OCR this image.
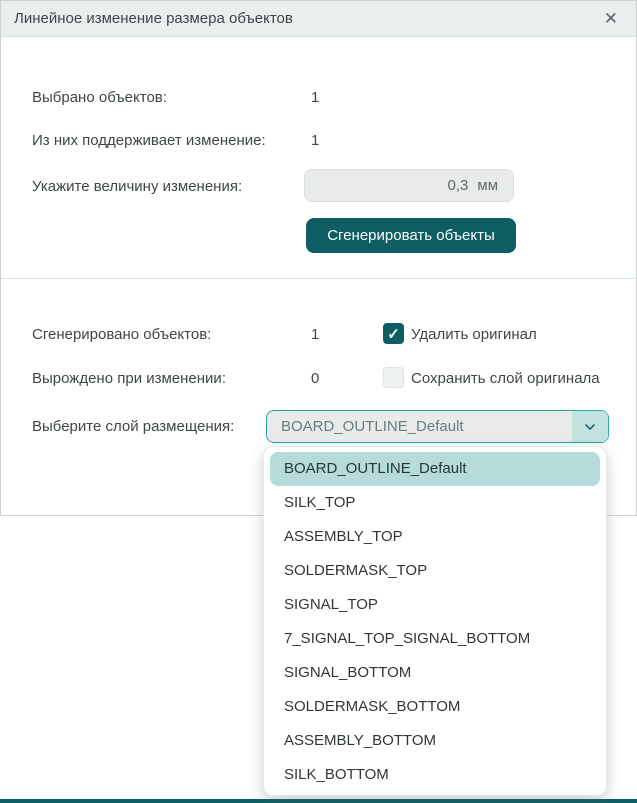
Линейное изменение размера объектов	✕
Выбрано объектов:	1
Из них поддерживает изменение:	1
Укажите величину изменения:	0,3 мм
Сгенерировать объекты
Сгенерировано объектов:	1	✓ Удалить оригинал
Вырождено при изменении:	0	Сохранить слой оригинала
Выберите слой размещения:	BOARD_OUTLINE_Default
BOARD_OUTLINE_Default
SILK_TOP
ASSEMBLY_TOP
SOLDERMASK_TOP
SIGNAL_TOP
7_SIGNAL_TOP_SIGNAL_BOTTOM
SIGNAL_BOTTOM
SOLDERMASK_BOTTOM
ASSEMBLY_BOTTOM
SILK_BOTTOM
